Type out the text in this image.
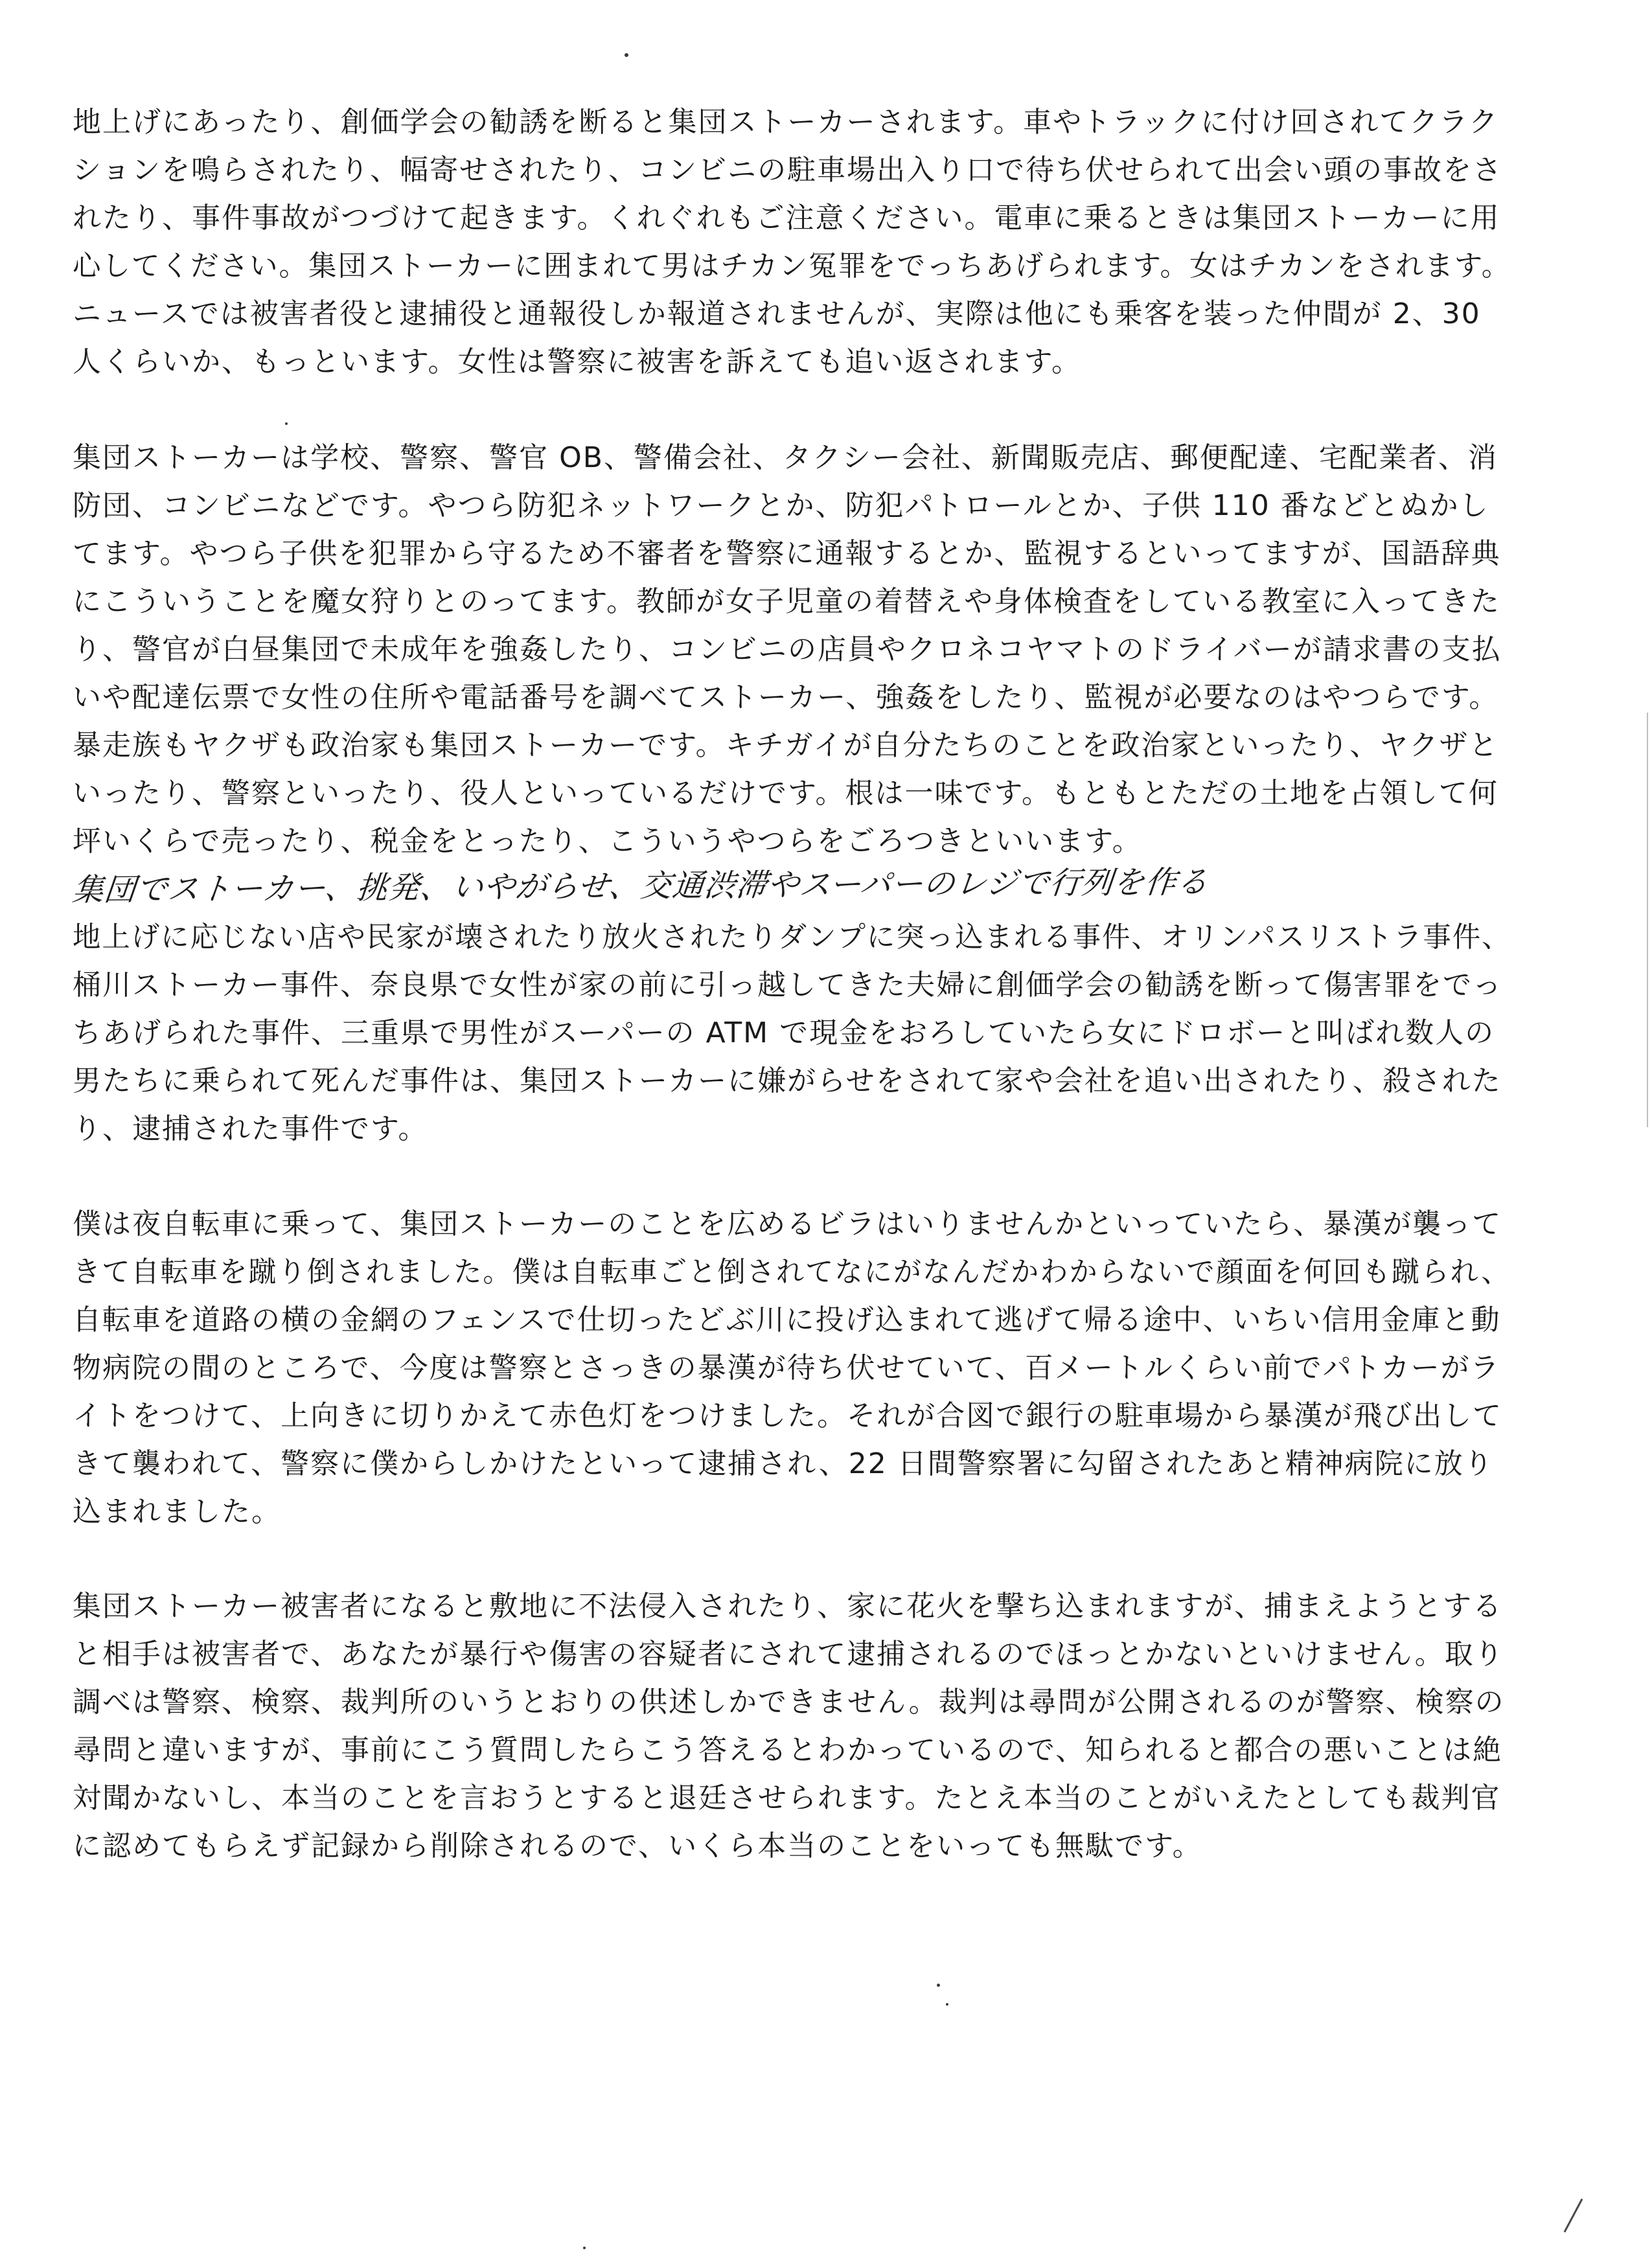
地上げにあったり、創価学会の勧誘を断ると集団ストーカーされます。車やトラックに付け回されてクラク
ションを鳴らされたり、幅寄せされたり、コンビニの駐車場出入り口で待ち伏せられて出会い頭の事故をさ
れたり、事件事故がつづけて起きます。くれぐれもご注意ください。電車に乗るときは集団ストーカーに用
心してください。集団ストーカーに囲まれて男はチカン冤罪をでっちあげられます。女はチカンをされます。
ニュースでは被害者役と逮捕役と通報役しか報道されませんが、実際は他にも乗客を装った仲間が 2、30
人くらいか、もっといます。女性は警察に被害を訴えても追い返されます。
集団ストーカーは学校、警察、警官 OB、警備会社、タクシー会社、新聞販売店、郵便配達、宅配業者、消
防団、コンビニなどです。やつら防犯ネットワークとか、防犯パトロールとか、子供 110 番などとぬかし
てます。やつら子供を犯罪から守るため不審者を警察に通報するとか、監視するといってますが、国語辞典
にこういうことを魔女狩りとのってます。教師が女子児童の着替えや身体検査をしている教室に入ってきた
り、警官が白昼集団で未成年を強姦したり、コンビニの店員やクロネコヤマトのドライバーが請求書の支払
いや配達伝票で女性の住所や電話番号を調べてストーカー、強姦をしたり、監視が必要なのはやつらです。
暴走族もヤクザも政治家も集団ストーカーです。キチガイが自分たちのことを政治家といったり、ヤクザと
いったり、警察といったり、役人といっているだけです。根は一味です。もともとただの土地を占領して何
坪いくらで売ったり、税金をとったり、こういうやつらをごろつきといいます。
集団でストーカー、挑発、いやがらせ、交通渋滞やスーパーのレジで行列を作る
地上げに応じない店や民家が壊されたり放火されたりダンプに突っ込まれる事件、オリンパスリストラ事件、
桶川ストーカー事件、奈良県で女性が家の前に引っ越してきた夫婦に創価学会の勧誘を断って傷害罪をでっ
ちあげられた事件、三重県で男性がスーパーの ATM で現金をおろしていたら女にドロボーと叫ばれ数人の
男たちに乗られて死んだ事件は、集団ストーカーに嫌がらせをされて家や会社を追い出されたり、殺された
り、逮捕された事件です。
僕は夜自転車に乗って、集団ストーカーのことを広めるビラはいりませんかといっていたら、暴漢が襲って
きて自転車を蹴り倒されました。僕は自転車ごと倒されてなにがなんだかわからないで顔面を何回も蹴られ、
自転車を道路の横の金網のフェンスで仕切ったどぶ川に投げ込まれて逃げて帰る途中、いちい信用金庫と動
物病院の間のところで、今度は警察とさっきの暴漢が待ち伏せていて、百メートルくらい前でパトカーがラ
イトをつけて、上向きに切りかえて赤色灯をつけました。それが合図で銀行の駐車場から暴漢が飛び出して
きて襲われて、警察に僕からしかけたといって逮捕され、22 日間警察署に勾留されたあと精神病院に放り
込まれました。
集団ストーカー被害者になると敷地に不法侵入されたり、家に花火を撃ち込まれますが、捕まえようとする
と相手は被害者で、あなたが暴行や傷害の容疑者にされて逮捕されるのでほっとかないといけません。取り
調べは警察、検察、裁判所のいうとおりの供述しかできません。裁判は尋問が公開されるのが警察、検察の
尋問と違いますが、事前にこう質問したらこう答えるとわかっているので、知られると都合の悪いことは絶
対聞かないし、本当のことを言おうとすると退廷させられます。たとえ本当のことがいえたとしても裁判官
に認めてもらえず記録から削除されるので、いくら本当のことをいっても無駄です。
